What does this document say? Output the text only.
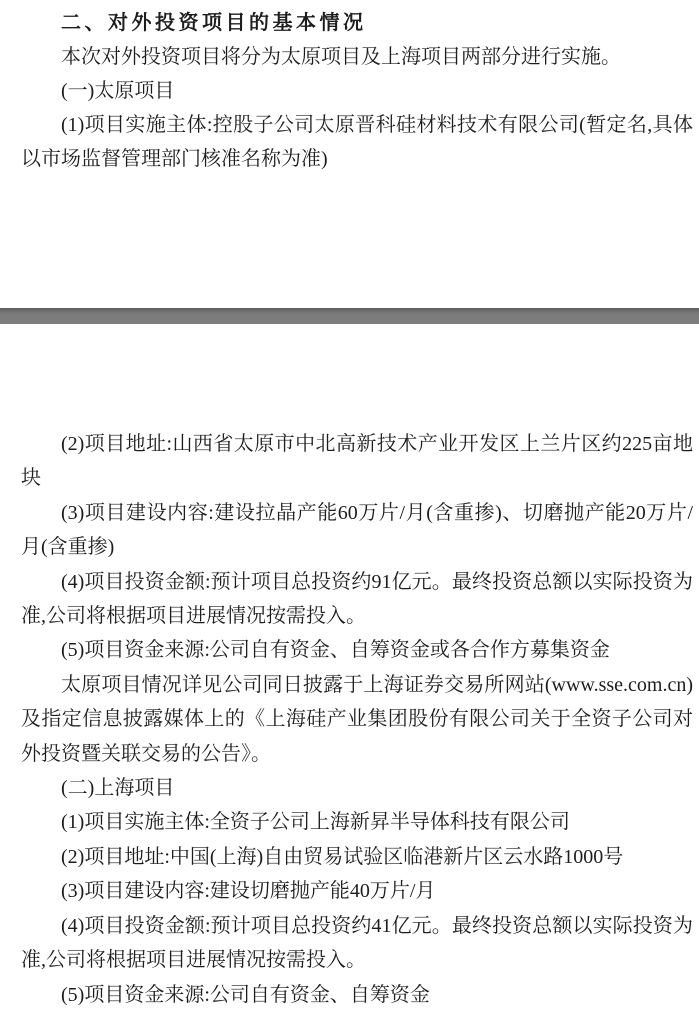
二、对外投资项目的基本情况

本次对外投资项目将分为太原项目及上海项目两部分进行实施。

(一)太原项目

(1)项目实施主体:控股子公司太原晋科硅材料技术有限公司(暂定名,具体以市场监督管理部门核准名称为准)

(2)项目地址:山西省太原市中北高新技术产业开发区上兰片区约225亩地块

(3)项目建设内容:建设拉晶产能60万片/月(含重掺)、切磨抛产能20万片/月(含重掺)

(4)项目投资金额:预计项目总投资约91亿元。最终投资总额以实际投资为准,公司将根据项目进展情况按需投入。

(5)项目资金来源:公司自有资金、自筹资金或各合作方募集资金

太原项目情况详见公司同日披露于上海证券交易所网站(www.sse.com.cn)及指定信息披露媒体上的《上海硅产业集团股份有限公司关于全资子公司对外投资暨关联交易的公告》。

(二)上海项目

(1)项目实施主体:全资子公司上海新昇半导体科技有限公司

(2)项目地址:中国(上海)自由贸易试验区临港新片区云水路1000号

(3)项目建设内容:建设切磨抛产能40万片/月

(4)项目投资金额:预计项目总投资约41亿元。最终投资总额以实际投资为准,公司将根据项目进展情况按需投入。

(5)项目资金来源:公司自有资金、自筹资金
